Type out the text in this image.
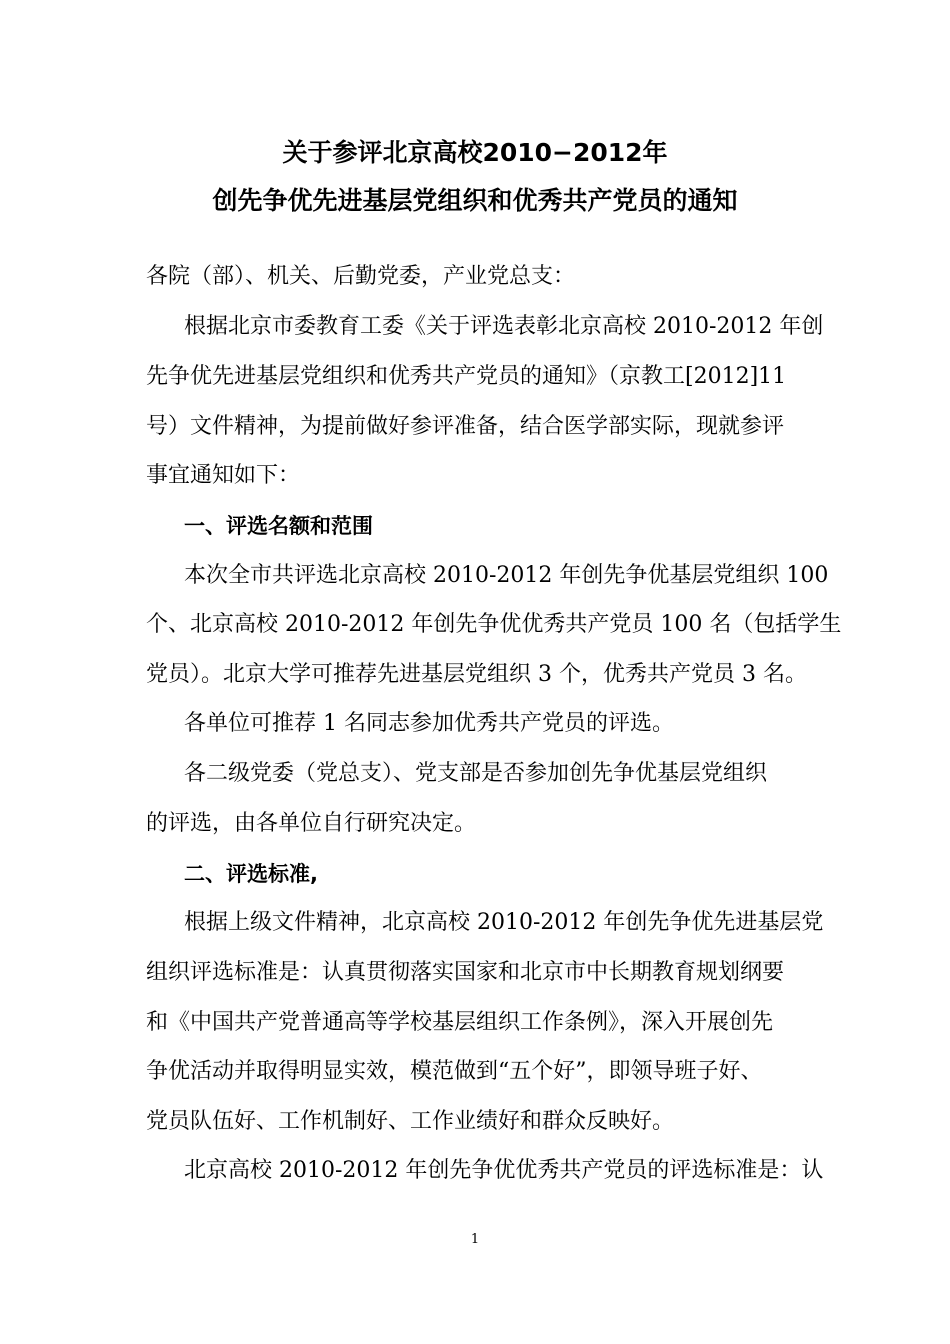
关于参评北京高校2010−2012年
创先争优先进基层党组织和优秀共产党员的通知
各院（部）、机关、后勤党委，产业党总支：
根据北京市委教育工委《关于评选表彰北京高校 2010-2012 年创
先争优先进基层党组织和优秀共产党员的通知》（京教工[2012]11
号）文件精神，为提前做好参评准备，结合医学部实际，现就参评
事宜通知如下：
一、评选名额和范围
本次全市共评选北京高校 2010-2012 年创先争优基层党组织 100
个、北京高校 2010-2012 年创先争优优秀共产党员 100 名（包括学生
党员）。北京大学可推荐先进基层党组织 3 个，优秀共产党员 3 名。
各单位可推荐 1 名同志参加优秀共产党员的评选。
各二级党委（党总支）、党支部是否参加创先争优基层党组织
的评选，由各单位自行研究决定。
二、评选标准,
根据上级文件精神，北京高校 2010-2012 年创先争优先进基层党
组织评选标准是：认真贯彻落实国家和北京市中长期教育规划纲要
和《中国共产党普通高等学校基层组织工作条例》，深入开展创先
争优活动并取得明显实效，模范做到“五个好”，即领导班子好、
党员队伍好、工作机制好、工作业绩好和群众反映好。
北京高校 2010-2012 年创先争优优秀共产党员的评选标准是：认
1
